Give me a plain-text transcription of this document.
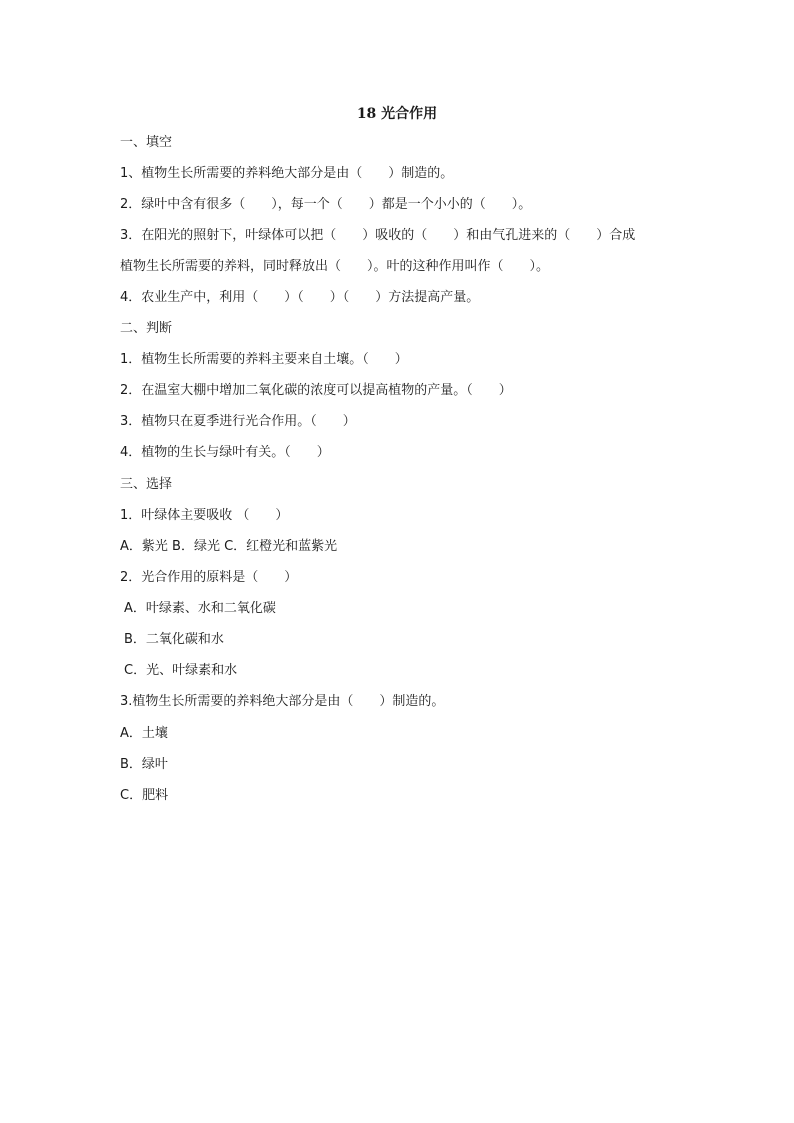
18 光合作用
一、填空
1、植物生长所需要的养料绝大部分是由（　　）制造的。
2．绿叶中含有很多（　　），每一个（　　）都是一个小小的（　　）。
3．在阳光的照射下，叶绿体可以把（　　）吸收的（　　）和由气孔进来的（　　）合成
植物生长所需要的养料，同时释放出（　　）。叶的这种作用叫作（　　）。
4．农业生产中，利用（　　）（　　）（　　）方法提高产量。
二、判断
1．植物生长所需要的养料主要来自土壤。（　　）
2．在温室大棚中增加二氧化碳的浓度可以提高植物的产量。（　　）
3．植物只在夏季进行光合作用。（　　）
4．植物的生长与绿叶有关。（　　）
三、选择
1．叶绿体主要吸收 （　　）
A．紫光 B．绿光 C．红橙光和蓝紫光
2．光合作用的原料是（　　）
A．叶绿素、水和二氧化碳
B．二氧化碳和水
C．光、叶绿素和水
3.植物生长所需要的养料绝大部分是由（　　）制造的。
A．土壤
B．绿叶
C．肥料
